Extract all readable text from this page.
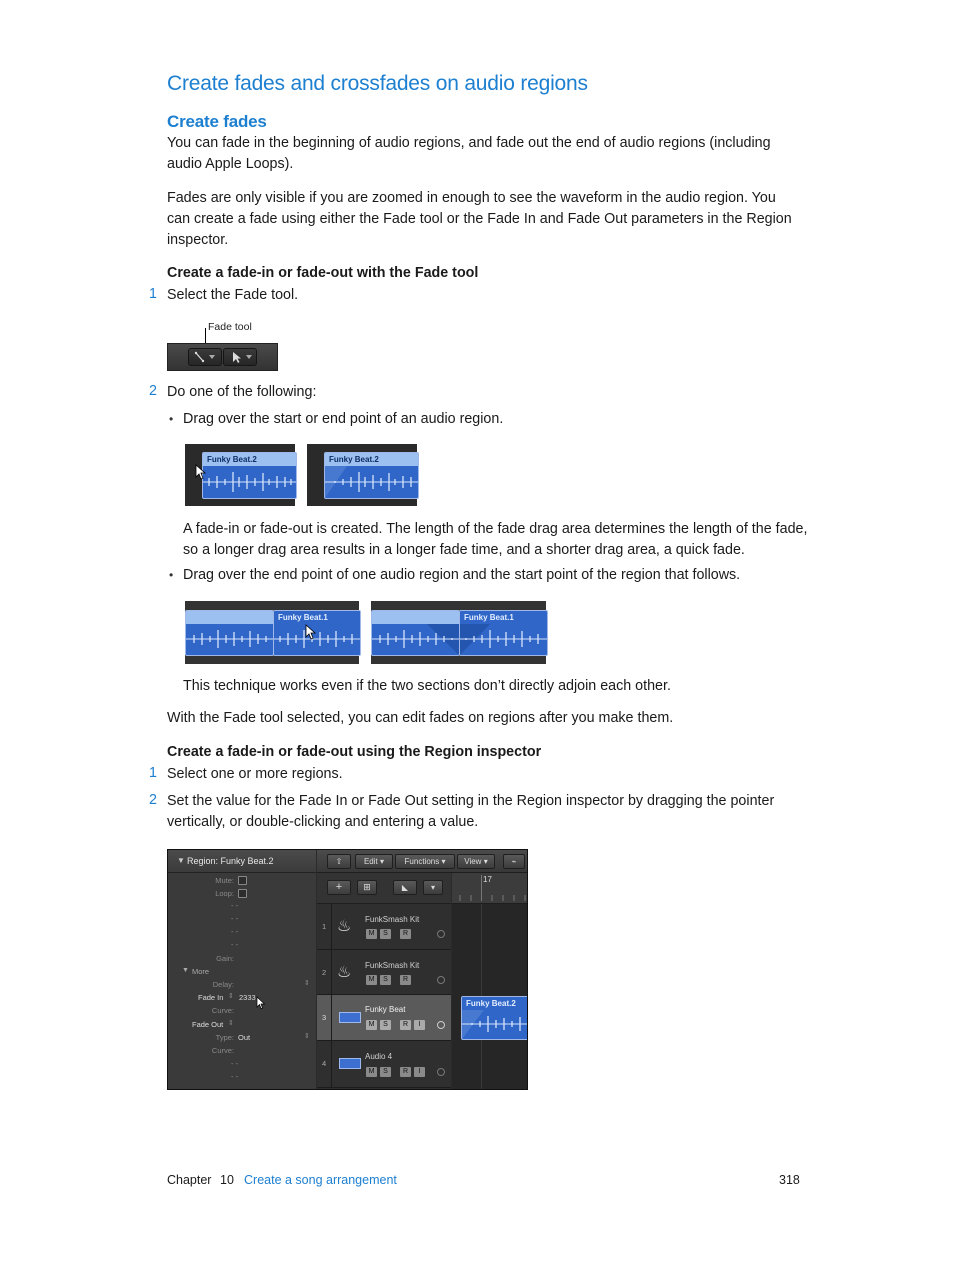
Create fades and crossfades on audio regions
Create fades
You can fade in the beginning of audio regions, and fade out the end of audio regions (including audio Apple Loops).
Fades are only visible if you are zoomed in enough to see the waveform in the audio region. You can create a fade using either the Fade tool or the Fade In and Fade Out parameters in the Region inspector.
Create a fade-in or fade-out with the Fade tool
1 Select the Fade tool.
Fade tool
2 Do one of the following:
• Drag over the start or end point of an audio region.
Funky Beat.2	Funky Beat.2
A fade-in or fade-out is created. The length of the fade drag area determines the length of the fade, so a longer drag area results in a longer fade time, and a shorter drag area, a quick fade.
• Drag over the end point of one audio region and the start point of the region that follows.
Funky Beat.1	Funky Beat.1
This technique works even if the two sections don’t directly adjoin each other.
With the Fade tool selected, you can edit fades on regions after you make them.
Create a fade-in or fade-out using the Region inspector
1 Select one or more regions.
2 Set the value for the Fade In or Fade Out setting in the Region inspector by dragging the pointer vertically, or double-clicking and entering a value.
▼ Region: Funky Beat.2
Mute:
Loop:
- -
- -
- -
- -
Gain:
▼ More
Delay:	⇕
Fade In ⇕ 2333
Curve:
Fade Out ⇕
Type: Out	⇕
Curve:
- -
- -
⇧	Edit ▾	Functions ▾	View ▾	⌁
+	⊞	◣	▾
17
1 ♨ FunkSmash Kit
M	S	R
2 ♨ FunkSmash Kit
M	S	R
3
Funky Beat
M	S	R	I
4
Audio 4
M	S	R	I
Funky Beat.2
Chapter 10 Create a song arrangement	318
